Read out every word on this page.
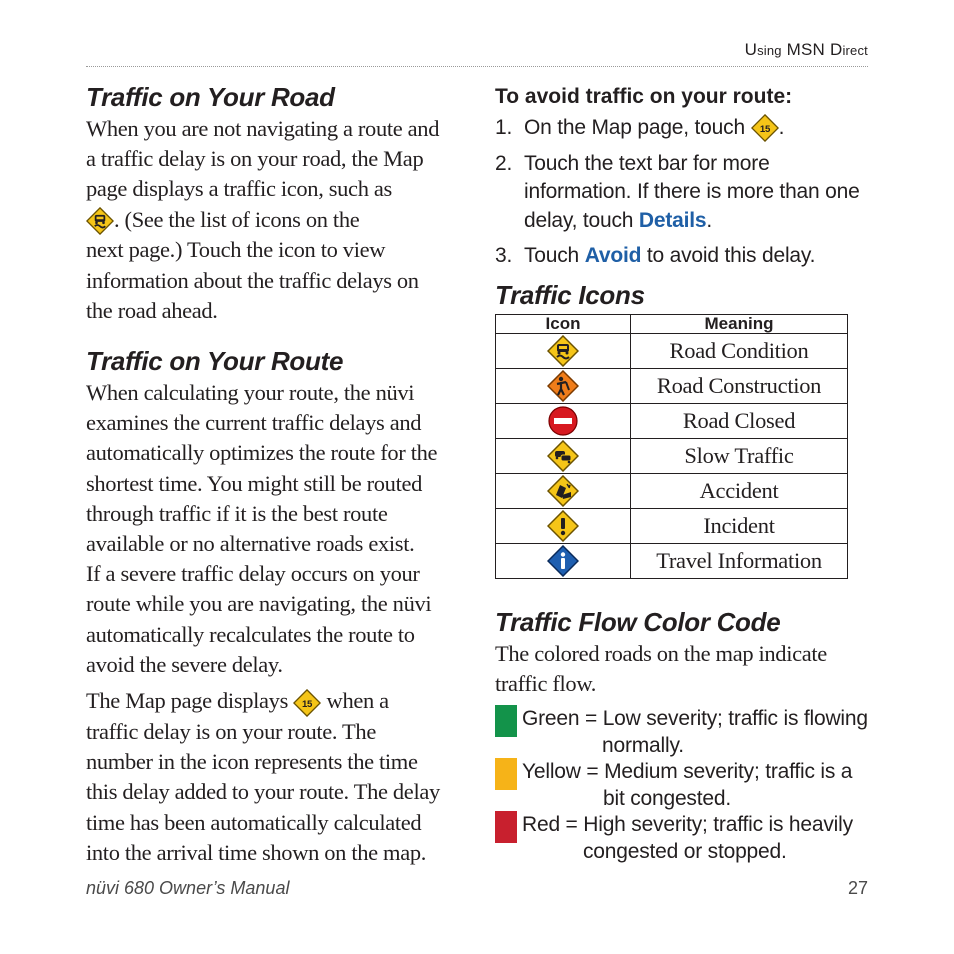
Using MSN Direct
Traffic on Your Road

When you are not navigating a route and
a traffic delay is on your road, the Map
page displays a traffic icon, such as

. (See the list of icons on the
next page.) Touch the icon to view
information about the traffic delays on
the road ahead.

Traffic on Your Route

When calculating your route, the nüvi
examines the current traffic delays and
automatically optimizes the route for the
shortest time. You might still be routed
through traffic if it is the best route
available or no alternative roads exist.
If a severe traffic delay occurs on your
route while you are navigating, the nüvi
automatically recalculates the route to
avoid the severe delay.

The Map page displays 15 when a
traffic delay is on your route. The
number in the icon represents the time
this delay added to your route. The delay
time has been automatically calculated
into the arrival time shown on the map.

To avoid traffic on your route:
1. On the Map page, touch 15 .
2. Touch the text bar for more information. If there is more than one delay, touch Details.
3. Touch Avoid to avoid this delay.
Traffic Icons
Icon	Meaning

	Road Condition

	Road Construction

	Road Closed

	Slow Traffic

	Accident

	Incident

	Travel Information
Traffic Flow Color Code

The colored roads on the map indicate
traffic flow.

Green = Low severity; traffic is flowing
normally.
Yellow = Medium severity; traffic is a
bit congested.
Red = High severity; traffic is heavily
congested or stopped.
nüvi 680 Owner’s Manual	27
